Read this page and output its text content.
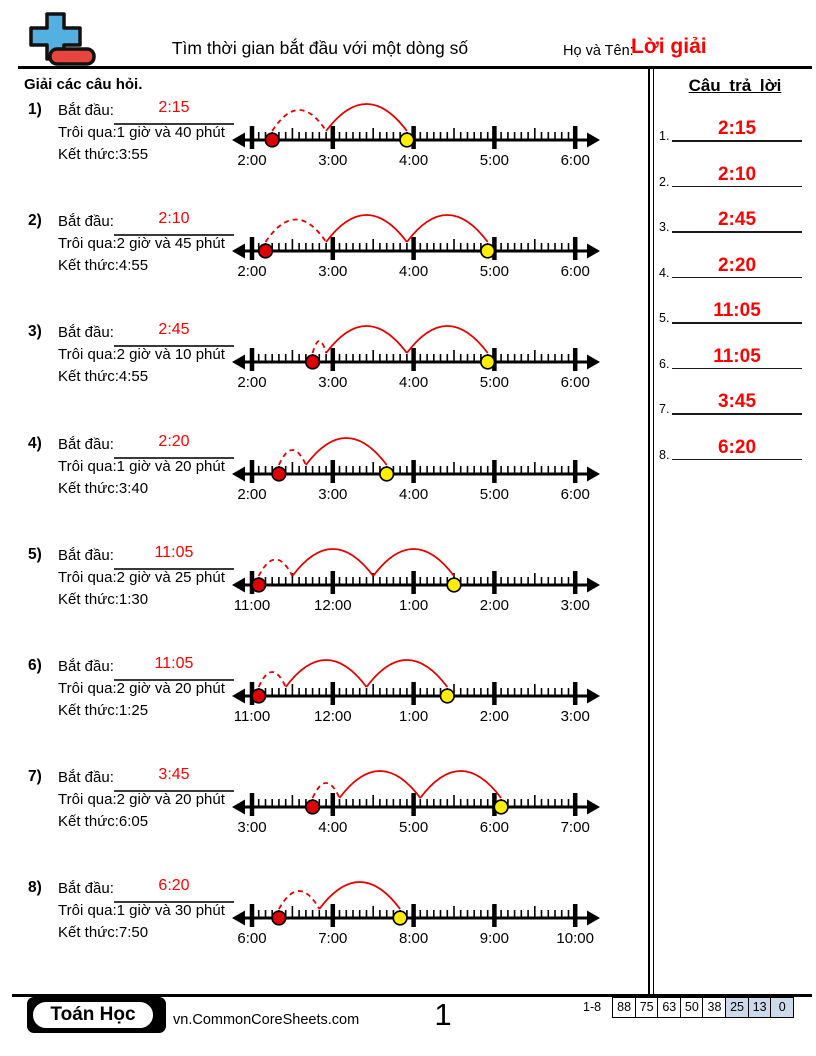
Tìm thời gian bắt đầu với một dòng số	Họ và Tên:
Lời giải
Giải các câu hỏi.
1) Bắt đầu:	2:15
Trôi qua:1 giờ và 40 phút
Kết thức:3:55	2:00	3:00	4:00	5:00	6:00
2) Bắt đầu:	2:10
Trôi qua:2 giờ và 45 phút
Kết thức:4:55	2:00	3:00	4:00	5:00	6:00
3) Bắt đầu:	2:45
Trôi qua:2 giờ và 10 phút
Kết thức:4:55	2:00	3:00	4:00	5:00	6:00
4) Bắt đầu:	2:20
Trôi qua:1 giờ và 20 phút
Kết thức:3:40	2:00	3:00	4:00	5:00	6:00
5) Bắt đầu:	11:05
Trôi qua:2 giờ và 25 phút
Kết thức:1:30	11:00	12:00	1:00	2:00	3:00
6) Bắt đầu:	11:05
Trôi qua:2 giờ và 20 phút
Kết thức:1:25	11:00	12:00	1:00	2:00	3:00
7) Bắt đầu:	3:45
Trôi qua:2 giờ và 20 phút
Kết thức:6:05	3:00	4:00	5:00	6:00	7:00
8) Bắt đầu:	6:20
Trôi qua:1 giờ và 30 phút
Kết thức:7:50	6:00	7:00	8:00	9:00	10:00
Câu trả lời
1.	2:15
2.	2:10
3.	2:45
4.	2:20
5.	11:05
6.	11:05
7.	3:45
8.	6:20
Toán Học	vn.CommonCoreSheets.com	1	1-8	88 75 63 50 38 25 13 0
